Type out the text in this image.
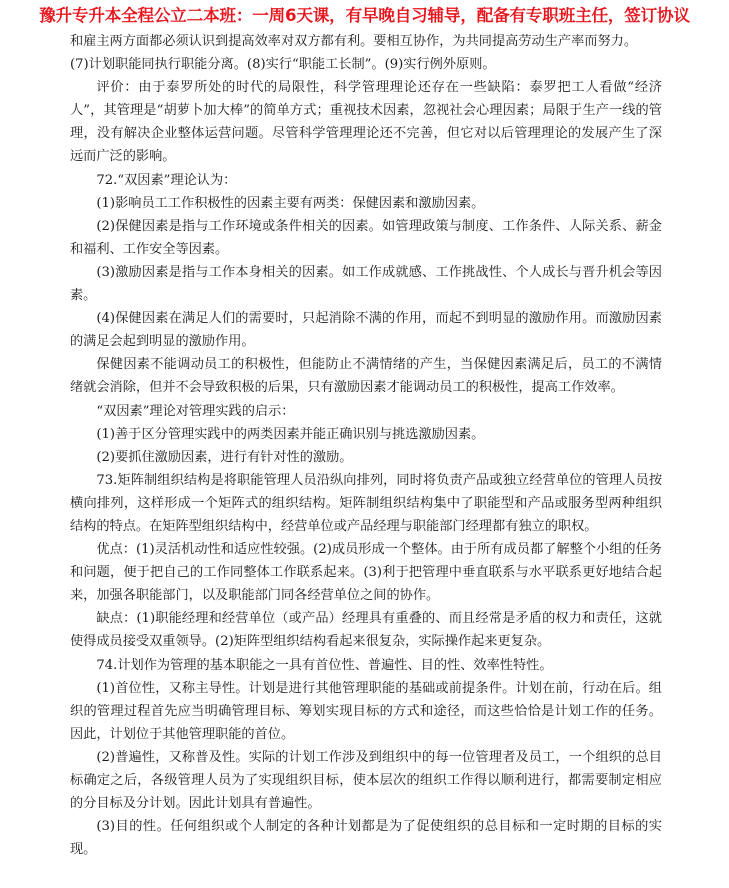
豫升专升本全程公立二本班：一周6天课，有早晚自习辅导，配备有专职班主任，签订协议

和雇主两方面都必须认识到提高效率对双方都有利。要相互协作，为共同提高劳动生产率而努力。

(7)计划职能同执行职能分离。(8)实行“职能工长制”。(9)实行例外原则。

评价：由于泰罗所处的时代的局限性，科学管理理论还存在一些缺陷：泰罗把工人看做“经济人”，其管理是“胡萝卜加大棒”的简单方式；重视技术因素，忽视社会心理因素；局限于生产一线的管理，没有解决企业整体运营问题。尽管科学管理理论还不完善，但它对以后管理理论的发展产生了深远而广泛的影响。

72.“双因素”理论认为：

(1)影响员工工作积极性的因素主要有两类：保健因素和激励因素。

(2)保健因素是指与工作环境或条件相关的因素。如管理政策与制度、工作条件、人际关系、薪金和福利、工作安全等因素。

(3)激励因素是指与工作本身相关的因素。如工作成就感、工作挑战性、个人成长与晋升机会等因素。

(4)保健因素在满足人们的需要时，只起消除不满的作用，而起不到明显的激励作用。而激励因素的满足会起到明显的激励作用。

保健因素不能调动员工的积极性，但能防止不满情绪的产生，当保健因素满足后，员工的不满情绪就会消除，但并不会导致积极的后果，只有激励因素才能调动员工的积极性，提高工作效率。

“双因素”理论对管理实践的启示：

(1)善于区分管理实践中的两类因素并能正确识别与挑选激励因素。

(2)要抓住激励因素，进行有针对性的激励。

73.矩阵制组织结构是将职能管理人员沿纵向排列，同时将负责产品或独立经营单位的管理人员按横向排列，这样形成一个矩阵式的组织结构。矩阵制组织结构集中了职能型和产品或服务型两种组织结构的特点。在矩阵型组织结构中，经营单位或产品经理与职能部门经理都有独立的职权。

优点：(1)灵活机动性和适应性较强。(2)成员形成一个整体。由于所有成员都了解整个小组的任务和问题，便于把自己的工作同整体工作联系起来。(3)利于把管理中垂直联系与水平联系更好地结合起来，加强各职能部门，以及职能部门同各经营单位之间的协作。

缺点：(1)职能经理和经营单位（或产品）经理具有重叠的、而且经常是矛盾的权力和责任，这就使得成员接受双重领导。(2)矩阵型组织结构看起来很复杂，实际操作起来更复杂。

74.计划作为管理的基本职能之一具有首位性、普遍性、目的性、效率性特性。

(1)首位性，又称主导性。计划是进行其他管理职能的基础或前提条件。计划在前，行动在后。组织的管理过程首先应当明确管理目标、筹划实现目标的方式和途径，而这些恰恰是计划工作的任务。因此，计划位于其他管理职能的首位。

(2)普遍性，又称普及性。实际的计划工作涉及到组织中的每一位管理者及员工，一个组织的总目标确定之后，各级管理人员为了实现组织目标，使本层次的组织工作得以顺利进行，都需要制定相应的分目标及分计划。因此计划具有普遍性。

(3)目的性。任何组织或个人制定的各种计划都是为了促使组织的总目标和一定时期的目标的实现。
